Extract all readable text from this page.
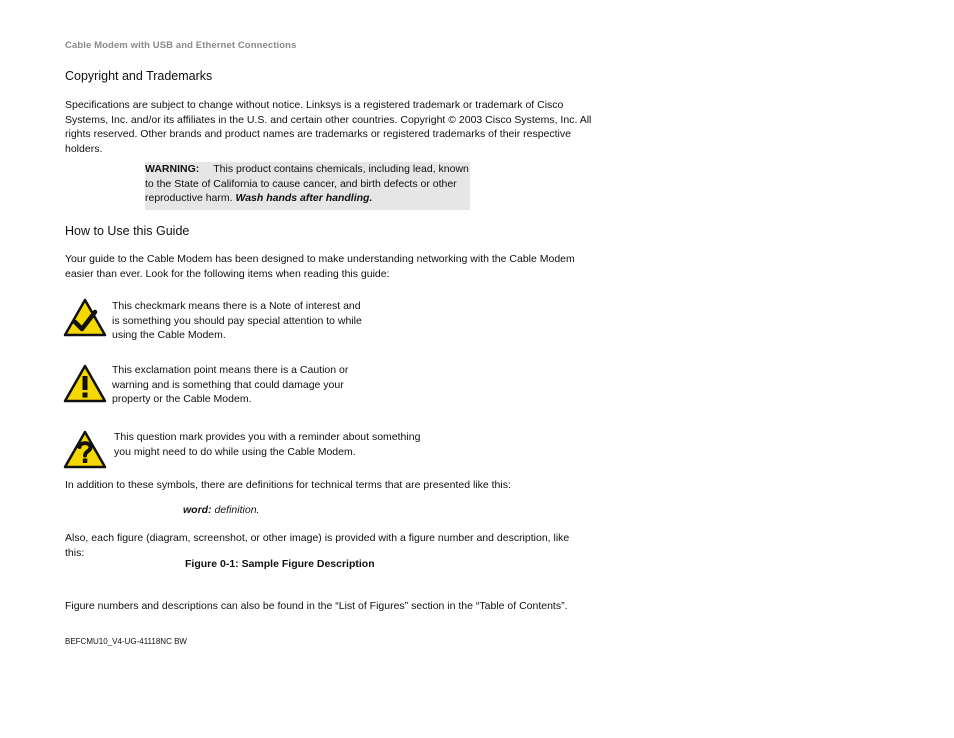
Cable Modem with USB and Ethernet Connections
Copyright and Trademarks
Specifications are subject to change without notice. Linksys is a registered trademark or trademark of Cisco
Systems, Inc. and/or its affiliates in the U.S. and certain other countries. Copyright © 2003 Cisco Systems, Inc. All
rights reserved. Other brands and product names are trademarks or registered trademarks of their respective
holders.
WARNING: This product contains chemicals, including lead, known
to the State of California to cause cancer, and birth defects or other
reproductive harm. Wash hands after handling.
How to Use this Guide
Your guide to the Cable Modem has been designed to make understanding networking with the Cable Modem
easier than ever. Look for the following items when reading this guide:
This checkmark means there is a Note of interest and
is something you should pay special attention to while
using the Cable Modem.
This exclamation point means there is a Caution or
warning and is something that could damage your
property or the Cable Modem.
This question mark provides you with a reminder about something
you might need to do while using the Cable Modem.
In addition to these symbols, there are definitions for technical terms that are presented like this:
word: definition.
Also, each figure (diagram, screenshot, or other image) is provided with a figure number and description, like
this:
Figure 0-1: Sample Figure Description
Figure numbers and descriptions can also be found in the “List of Figures” section in the “Table of Contents”.
BEFCMU10_V4-UG-41118NC BW
